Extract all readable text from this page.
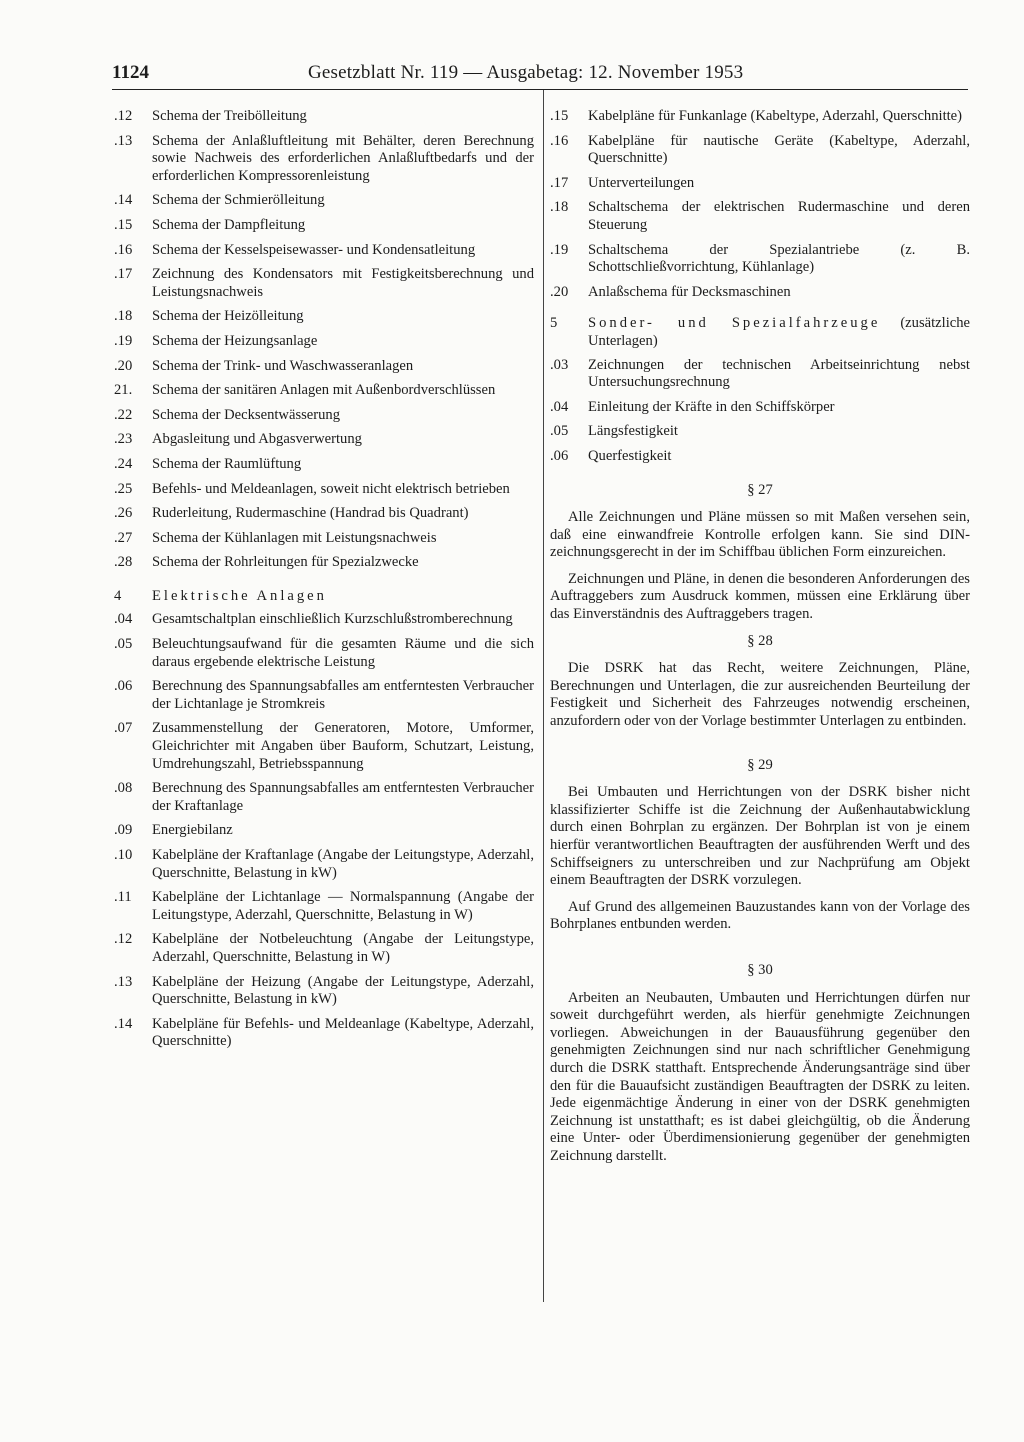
1124	Gesetzblatt Nr. 119 — Ausgabetag: 12. November 1953
.12	Schema der Treibölleitung
.13	Schema der Anlaßluftleitung mit Behälter, deren Berechnung sowie Nachweis des erforderlichen Anlaßluftbedarfs und der erforderlichen Kompressorenleistung
.14	Schema der Schmierölleitung
.15	Schema der Dampfleitung
.16	Schema der Kesselspeisewasser- und Kondensatleitung
.17	Zeichnung des Kondensators mit Festigkeitsberechnung und Leistungsnachweis
.18	Schema der Heizölleitung
.19	Schema der Heizungsanlage
.20	Schema der Trink- und Waschwasseranlagen
21.	Schema der sanitären Anlagen mit Außenbordverschlüssen
.22	Schema der Decksentwässerung
.23	Abgasleitung und Abgasverwertung
.24	Schema der Raumlüftung
.25	Befehls- und Meldeanlagen, soweit nicht elektrisch betrieben
.26	Ruderleitung, Rudermaschine (Handrad bis Quadrant)
.27	Schema der Kühlanlagen mit Leistungsnachweis
.28	Schema der Rohrleitungen für Spezialzwecke
4	Elektrische Anlagen
.04	Gesamtschaltplan einschließlich Kurzschlußstromberechnung
.05	Beleuchtungsaufwand für die gesamten Räume und die sich daraus ergebende elektrische Leistung
.06	Berechnung des Spannungsabfalles am entferntesten Verbraucher der Lichtanlage je Stromkreis
.07	Zusammenstellung der Generatoren, Motore, Umformer, Gleichrichter mit Angaben über Bauform, Schutzart, Leistung, Umdrehungszahl, Betriebsspannung
.08	Berechnung des Spannungsabfalles am entferntesten Verbraucher der Kraftanlage
.09	Energiebilanz
.10	Kabelpläne der Kraftanlage (Angabe der Leitungstype, Aderzahl, Querschnitte, Belastung in kW)
.11	Kabelpläne der Lichtanlage — Normalspannung (Angabe der Leitungstype, Aderzahl, Querschnitte, Belastung in W)
.12	Kabelpläne der Notbeleuchtung (Angabe der Leitungstype, Aderzahl, Querschnitte, Belastung in W)
.13	Kabelpläne der Heizung (Angabe der Leitungstype, Aderzahl, Querschnitte, Belastung in kW)
.14	Kabelpläne für Befehls- und Meldeanlage (Kabeltype, Aderzahl, Querschnitte)
.15	Kabelpläne für Funkanlage (Kabeltype, Aderzahl, Querschnitte)
.16	Kabelpläne für nautische Geräte (Kabeltype, Aderzahl, Querschnitte)
.17	Unterverteilungen
.18	Schaltschema der elektrischen Rudermaschine und deren Steuerung
.19	Schaltschema der Spezialantriebe (z. B. Schottschließvorrichtung, Kühlanlage)
.20	Anlaßschema für Decksmaschinen
5	Sonder- und Spezialfahrzeuge (zusätzliche Unterlagen)
.03	Zeichnungen der technischen Arbeitseinrichtung nebst Untersuchungsrechnung
.04	Einleitung der Kräfte in den Schiffskörper
.05	Längsfestigkeit
.06	Querfestigkeit
§ 27

Alle Zeichnungen und Pläne müssen so mit Maßen versehen sein, daß eine einwandfreie Kontrolle erfolgen kann. Sie sind DIN-zeichnungsgerecht in der im Schiffbau üblichen Form einzureichen.

Zeichnungen und Pläne, in denen die besonderen Anforderungen des Auftraggebers zum Ausdruck kommen, müssen eine Erklärung über das Einverständnis des Auftraggebers tragen.

§ 28

Die DSRK hat das Recht, weitere Zeichnungen, Pläne, Berechnungen und Unterlagen, die zur ausreichenden Beurteilung der Festigkeit und Sicherheit des Fahrzeuges notwendig erscheinen, anzufordern oder von der Vorlage bestimmter Unterlagen zu entbinden.

§ 29

Bei Umbauten und Herrichtungen von der DSRK bisher nicht klassifizierter Schiffe ist die Zeichnung der Außenhautabwicklung durch einen Bohrplan zu ergänzen. Der Bohrplan ist von je einem hierfür verantwortlichen Beauftragten der ausführenden Werft und des Schiffseigners zu unterschreiben und zur Nachprüfung am Objekt einem Beauftragten der DSRK vorzulegen.

Auf Grund des allgemeinen Bauzustandes kann von der Vorlage des Bohrplanes entbunden werden.

§ 30

Arbeiten an Neubauten, Umbauten und Herrichtungen dürfen nur soweit durchgeführt werden, als hierfür genehmigte Zeichnungen vorliegen. Abweichungen in der Bauausführung gegenüber den genehmigten Zeichnungen sind nur nach schriftlicher Genehmigung durch die DSRK statthaft. Entsprechende Änderungsanträge sind über den für die Bauaufsicht zuständigen Beauftragten der DSRK zu leiten. Jede eigenmächtige Änderung in einer von der DSRK genehmigten Zeichnung ist unstatthaft; es ist dabei gleichgültig, ob die Änderung eine Unter- oder Überdimensionierung gegenüber der genehmigten Zeichnung darstellt.
